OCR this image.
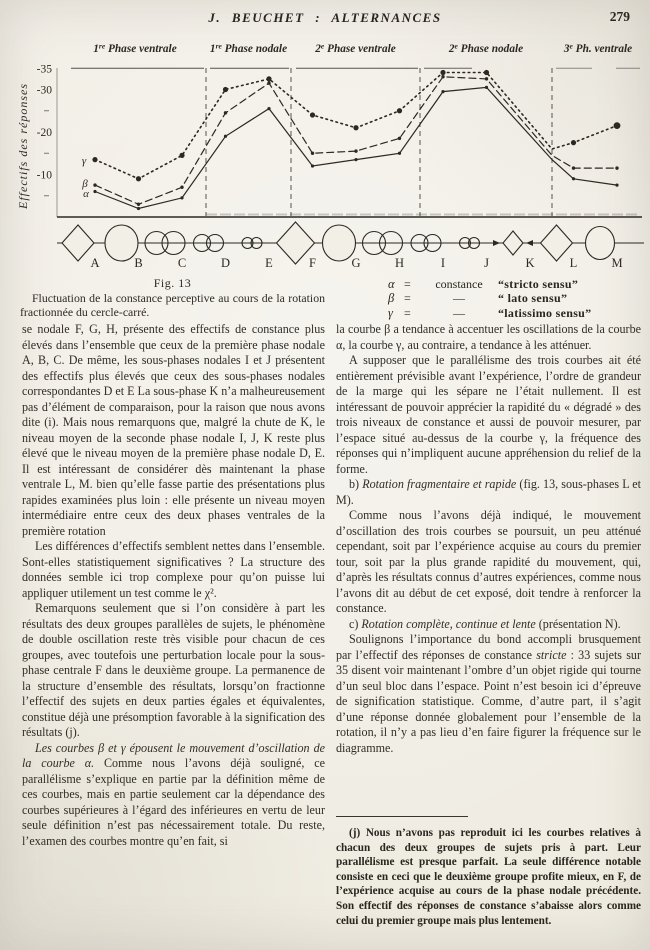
J. BEUCHET : ALTERNANCES	279
1re Phase ventrale	1re Phase nodale 2e Phase ventrale	2e Phase nodale	3e Ph. ventrale
-35
-30
-20
-10
Effectifs des réponses	α
β
γ
A	B	C	D	E	F	G	H	I	J	K	L	M
Fig. 13

Fluctuation de la constance perceptive au cours de la rotation fractionnée du cercle-carré.

α =	constance	“stricto sensu”
β =	—	“ lato sensu”
γ =	—	“latissimo sensu”

se nodale F, G, H, présente des effectifs de constance plus élevés dans l’ensemble que ceux de la première phase nodale A, B, C. De même, les sous-phases nodales I et J présentent des effectifs plus élevés que ceux des sous-phases nodales correspondantes D et E La sous-phase K n’a malheureusement pas d’élément de comparaison, pour la raison que nous avons dite (i). Mais nous remarquons que, malgré la chute de K, le niveau moyen de la seconde phase nodale I, J, K reste plus élevé que le niveau moyen de la première phase nodale D, E. Il est intéressant de considérer dès maintenant la phase ventrale L, M. bien qu’elle fasse partie des présentations plus rapides examinées plus loin : elle présente un niveau moyen intermédiaire entre ceux des deux phases ventrales de la première rotation

Les différences d’effectifs semblent nettes dans l’ensemble. Sont-elles statistiquement significatives ? La structure des données semble ici trop complexe pour qu’on puisse lui appliquer utilement un test comme le χ².

Remarquons seulement que si l’on considère à part les résultats des deux groupes parallèles de sujets, le phénomène de double oscillation reste très visible pour chacun de ces groupes, avec toutefois une perturbation locale pour la sous-phase centrale F dans le deuxième groupe. La permanence de la structure d’ensemble des résultats, lorsqu’on fractionne l’effectif des sujets en deux parties égales et équivalentes, constitue déjà une présomption favorable à la signification des résultats (j).

Les courbes β et γ épousent le mouvement d’oscillation de la courbe α. Comme nous l’avons déjà souligné, ce parallélisme s’explique en partie par la définition même de ces courbes, mais en partie seulement car la dépendance des courbes supérieures à l’égard des inférieures en vertu de leur seule définition n’est pas nécessairement totale. Du reste, l’examen des courbes montre qu’en fait, si

la courbe β a tendance à accentuer les oscillations de la courbe α, la courbe γ, au contraire, a tendance à les atténuer.

A supposer que le parallélisme des trois courbes ait été entièrement prévisible avant l’expérience, l’ordre de grandeur de la marge qui les sépare ne l’était nullement. Il est intéressant de pouvoir apprécier la rapidité du « dégradé » des trois niveaux de constance et aussi de pouvoir mesurer, par l’espace situé au-dessus de la courbe γ, la fréquence des réponses qui n’impliquent aucune appréhension du relief de la forme.

b) Rotation fragmentaire et rapide (fig. 13, sous-phases L et M).

Comme nous l’avons déjà indiqué, le mouvement d’oscillation des trois courbes se poursuit, un peu atténué cependant, soit par l’expérience acquise au cours du premier tour, soit par la plus grande rapidité du mouvement, qui, d’après les résultats connus d’autres expériences, comme nous l’avons dit au début de cet exposé, doit tendre à renforcer la constance.

c) Rotation complète, continue et lente (présentation N).

Soulignons l’importance du bond accompli brusquement par l’effectif des réponses de constance stricte : 33 sujets sur 35 disent voir maintenant l’ombre d’un objet rigide qui tourne d’un seul bloc dans l’espace. Point n’est besoin ici d’épreuve de signification statistique. Comme, d’autre part, il s’agit d’une réponse donnée globalement pour l’ensemble de la rotation, il n’y a pas lieu d’en faire figurer la fréquence sur le diagramme.

(j) Nous n’avons pas reproduit ici les courbes relatives à chacun des deux groupes de sujets pris à part. Leur parallélisme est presque parfait. La seule différence notable consiste en ceci que le deuxième groupe profite mieux, en F, de l’expérience acquise au cours de la phase nodale précédente. Son effectif des réponses de constance s’abaisse alors comme celui du premier groupe mais plus lentement.
